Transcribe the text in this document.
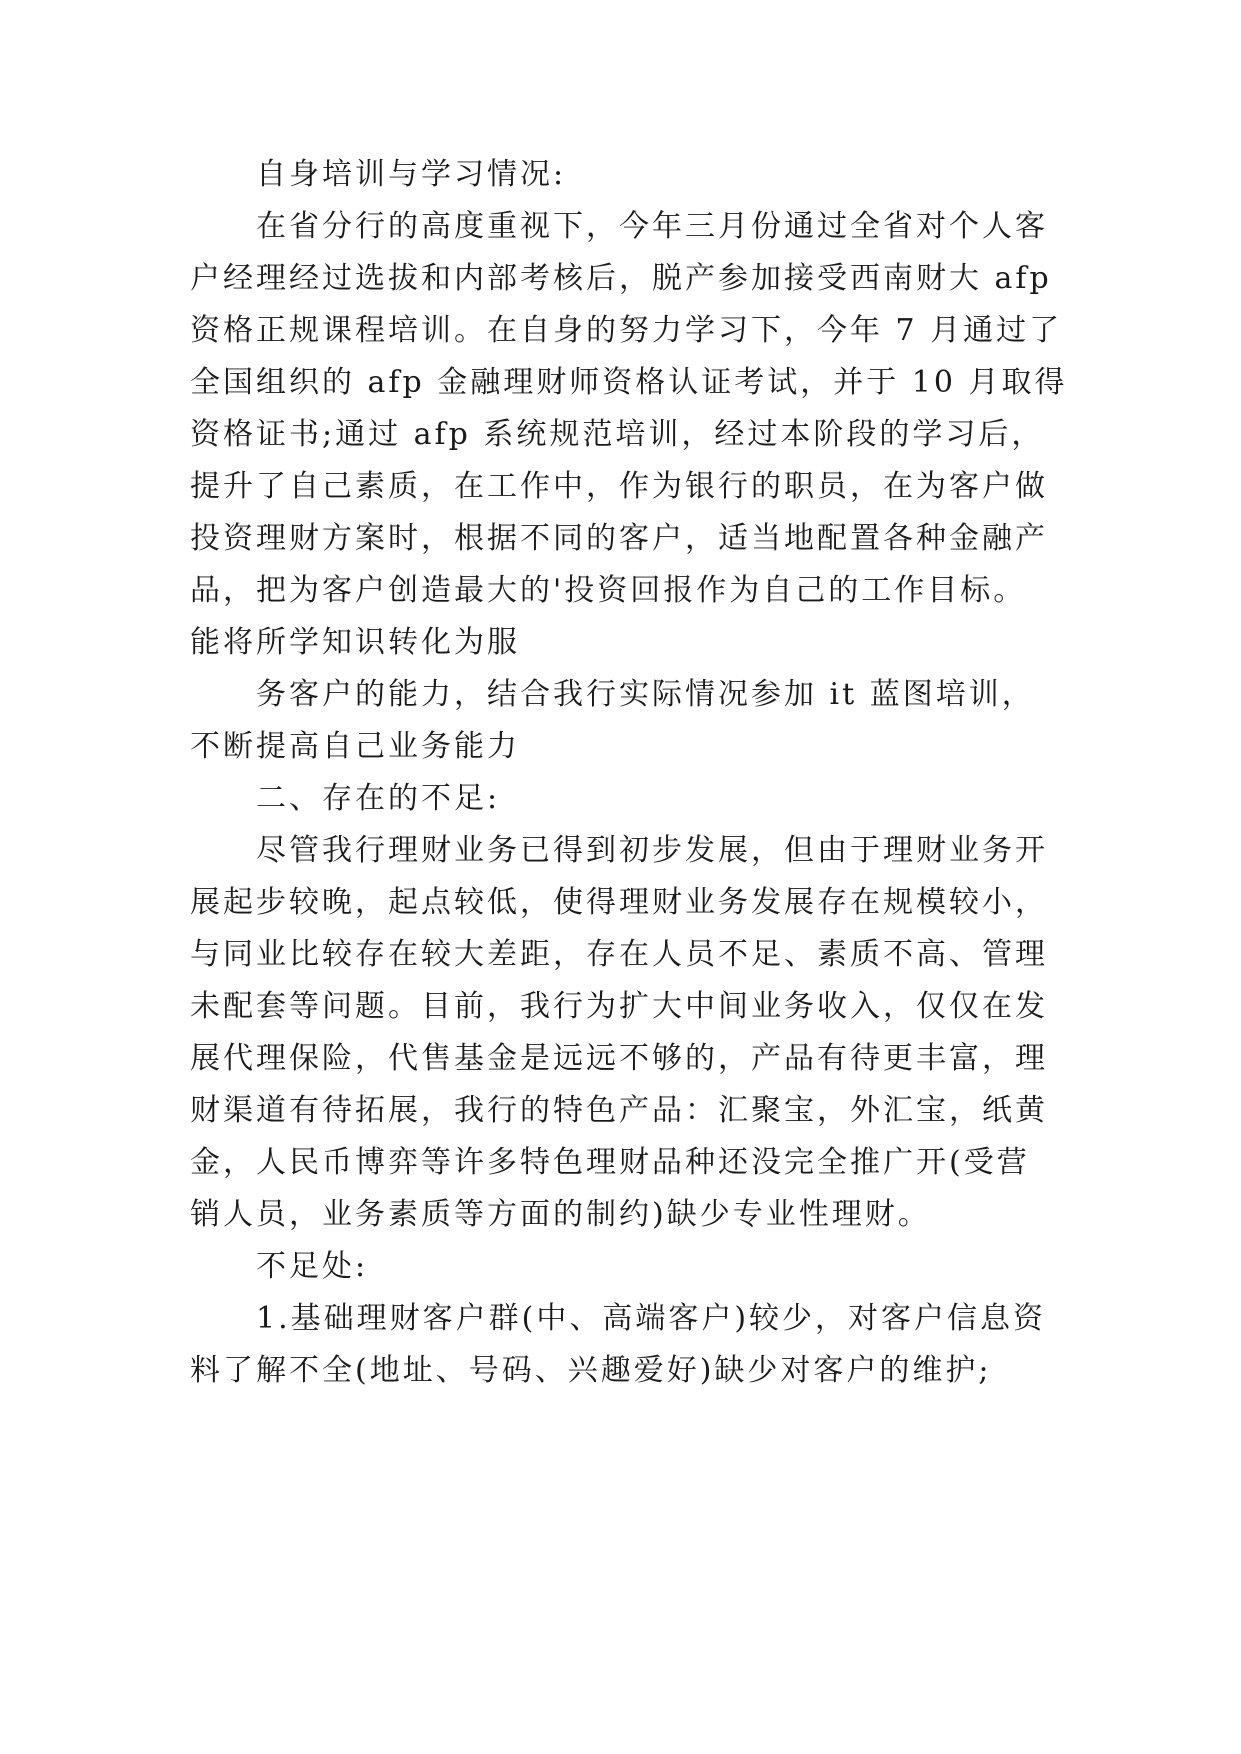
自身培训与学习情况:
在省分行的高度重视下，今年三月份通过全省对个人客
户经理经过选拔和内部考核后，脱产参加接受西南财大 afp
资格正规课程培训。在自身的努力学习下，今年 7 月通过了
全国组织的 afp 金融理财师资格认证考试，并于 10 月取得
资格证书;通过 afp 系统规范培训，经过本阶段的学习后，
提升了自己素质，在工作中，作为银行的职员，在为客户做
投资理财方案时，根据不同的客户，适当地配置各种金融产
品，把为客户创造最大的'投资回报作为自己的工作目标。
能将所学知识转化为服
务客户的能力，结合我行实际情况参加 it 蓝图培训，
不断提高自己业务能力
二、存在的不足:
尽管我行理财业务已得到初步发展，但由于理财业务开
展起步较晚，起点较低，使得理财业务发展存在规模较小，
与同业比较存在较大差距，存在人员不足、素质不高、管理
未配套等问题。目前，我行为扩大中间业务收入，仅仅在发
展代理保险，代售基金是远远不够的，产品有待更丰富，理
财渠道有待拓展，我行的特色产品：汇聚宝，外汇宝，纸黄
金，人民币博弈等许多特色理财品种还没完全推广开(受营
销人员，业务素质等方面的制约)缺少专业性理财。
不足处:
1.基础理财客户群(中、高端客户)较少，对客户信息资
料了解不全(地址、号码、兴趣爱好)缺少对客户的维护;
